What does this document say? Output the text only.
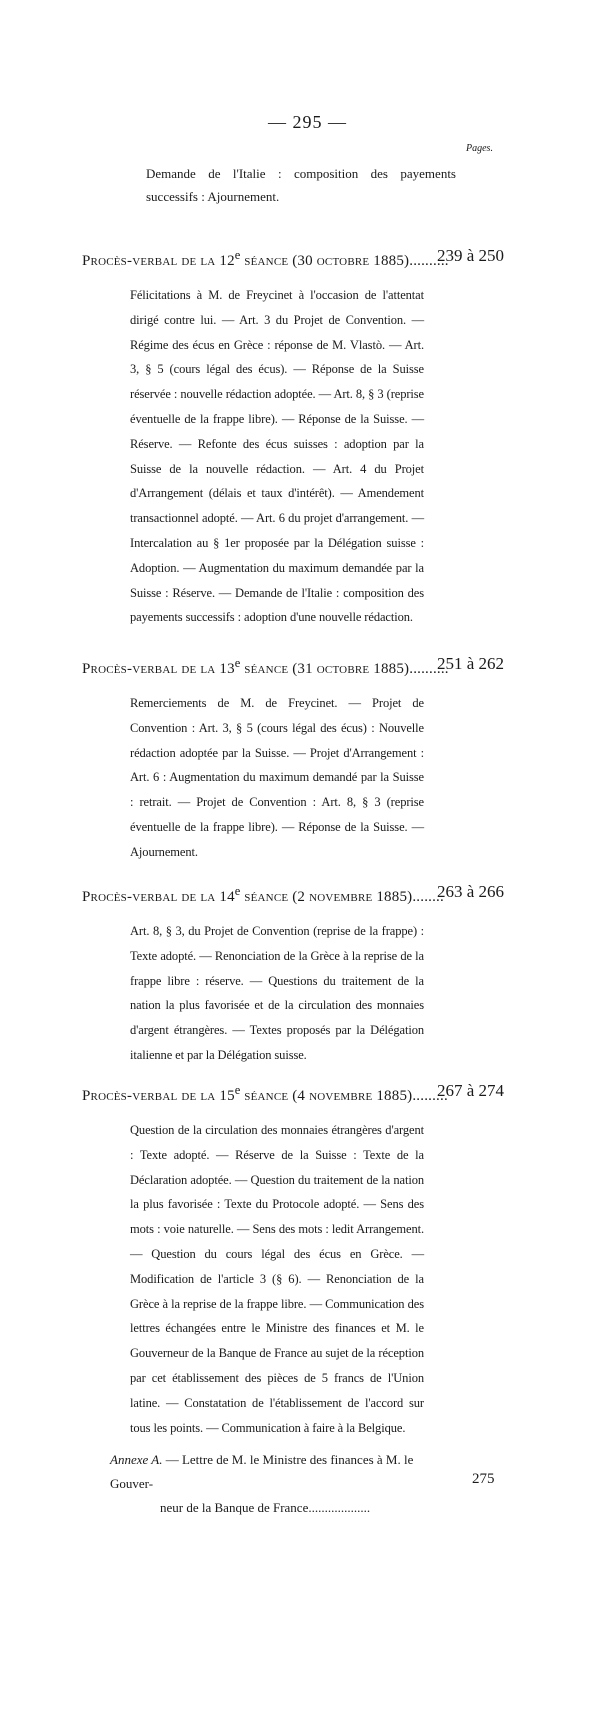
— 295 —
Pages.
Demande de l'Italie : composition des payements successifs : Ajournement.
Procès-verbal de la 12e séance (30 octobre 1885)..........
239 à 250
Félicitations à M. de Freycinet à l'occasion de l'attentat dirigé contre lui. — Art. 3 du Projet de Convention. — Régime des écus en Grèce : réponse de M. Vlastò. — Art. 3, § 5 (cours légal des écus). — Réponse de la Suisse réservée : nouvelle rédaction adoptée. — Art. 8, § 3 (reprise éventuelle de la frappe libre). — Réponse de la Suisse. — Réserve. — Refonte des écus suisses : adoption par la Suisse de la nouvelle rédaction. — Art. 4 du Projet d'Arrangement (délais et taux d'intérêt). — Amendement transactionnel adopté. — Art. 6 du projet d'arrangement. — Intercalation au § 1er proposée par la Délégation suisse : Adoption. — Augmentation du maximum demandée par la Suisse : Réserve. — Demande de l'Italie : composition des payements successifs : adoption d'une nouvelle rédaction.
Procès-verbal de la 13e séance (31 octobre 1885)..........
251 à 262
Remerciements de M. de Freycinet. — Projet de Convention : Art. 3, § 5 (cours légal des écus) : Nouvelle rédaction adoptée par la Suisse. — Projet d'Arrangement : Art. 6 : Augmentation du maximum demandé par la Suisse : retrait. — Projet de Convention : Art. 8, § 3 (reprise éventuelle de la frappe libre). — Réponse de la Suisse. — Ajournement.
Procès-verbal de la 14e séance (2 novembre 1885)........
263 à 266
Art. 8, § 3, du Projet de Convention (reprise de la frappe) : Texte adopté. — Renonciation de la Grèce à la reprise de la frappe libre : réserve. — Questions du traitement de la nation la plus favorisée et de la circulation des monnaies d'argent étrangères. — Textes proposés par la Délégation italienne et par la Délégation suisse.
Procès-verbal de la 15e séance (4 novembre 1885).........
267 à 274
Question de la circulation des monnaies étrangères d'argent : Texte adopté. — Réserve de la Suisse : Texte de la Déclaration adoptée. — Question du traitement de la nation la plus favorisée : Texte du Protocole adopté. — Sens des mots : voie naturelle. — Sens des mots : ledit Arrangement. — Question du cours légal des écus en Grèce. — Modification de l'article 3 (§ 6). — Renonciation de la Grèce à la reprise de la frappe libre. — Communication des lettres échangées entre le Ministre des finances et M. le Gouverneur de la Banque de France au sujet de la réception par cet établissement des pièces de 5 francs de l'Union latine. — Constatation de l'établissement de l'accord sur tous les points. — Communication à faire à la Belgique.
Annexe A. — Lettre de M. le Ministre des finances à M. le Gouver-
neur de la Banque de France...................
275
